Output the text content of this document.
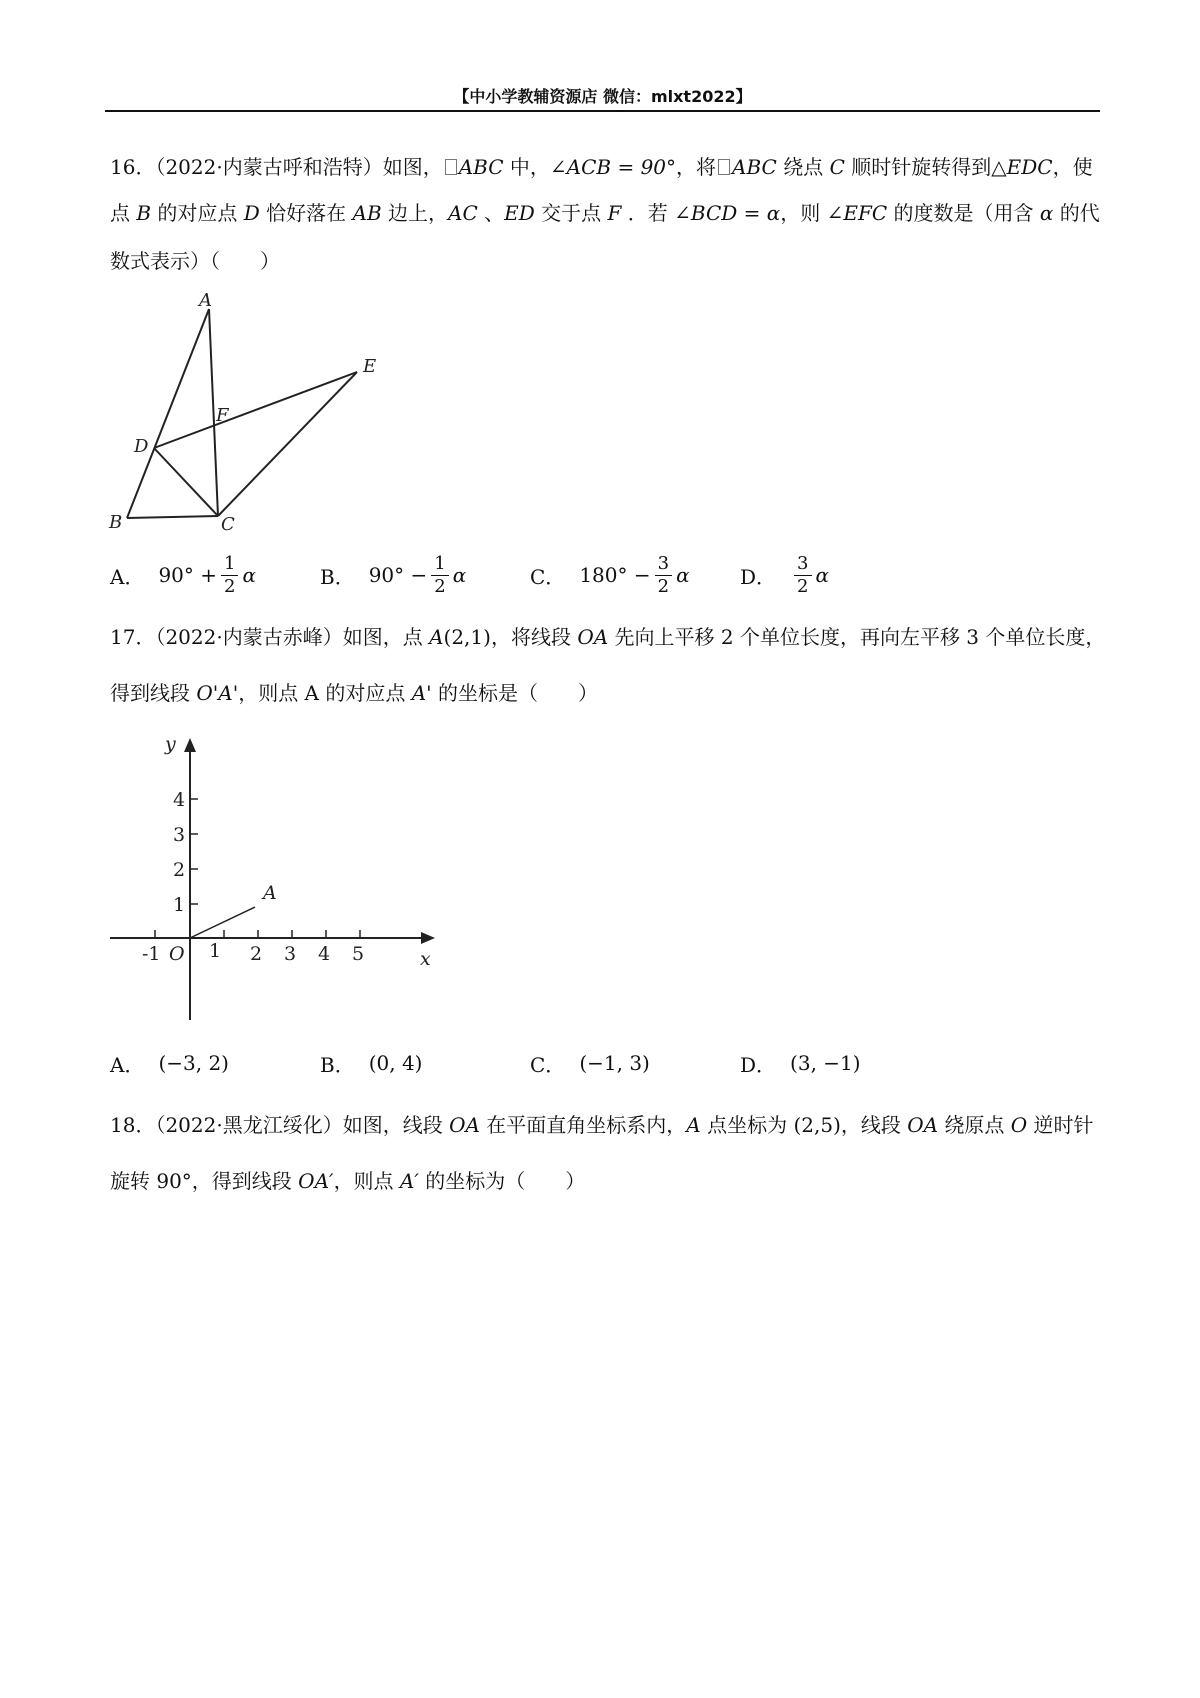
【中小学教辅资源店 微信：mlxt2022】
16．（2022·内蒙古呼和浩特）如图， ABC 中，∠ACB = 90°，将 ABC 绕点 C 顺时针旋转得到△EDC，使
点 B 的对应点 D 恰好落在 AB 边上，AC 、ED 交于点 F ．若 ∠BCD = α，则 ∠EFC 的度数是（用含 α 的代
数式表示）（　　）
A
E
F
D
B	C
A． $90^\circ + \frac{1}{2}$ α	B． $90^\circ - \frac{1}{2}$ α	C． $180^\circ - \frac{3}{2}$ α	D． $\frac{3}{2}$ α
17．（2022·内蒙古赤峰）如图，点 A(2,1)，将线段 OA 先向上平移 2 个单位长度，再向左平移 3 个单位长度，
得到线段 O'A'，则点 A 的对应点 A' 的坐标是（　　）
y
x
O
A
4
3
2
1
-1	1 2 3 4 5
A． (−3, 2)	B． (0, 4)	C． (−1, 3)	D． (3, −1)
18．（2022·黑龙江绥化）如图，线段 OA 在平面直角坐标系内，A 点坐标为 (2,5)，线段 OA 绕原点 O 逆时针
旋转 90°，得到线段 OA′，则点 A′ 的坐标为（　　）
